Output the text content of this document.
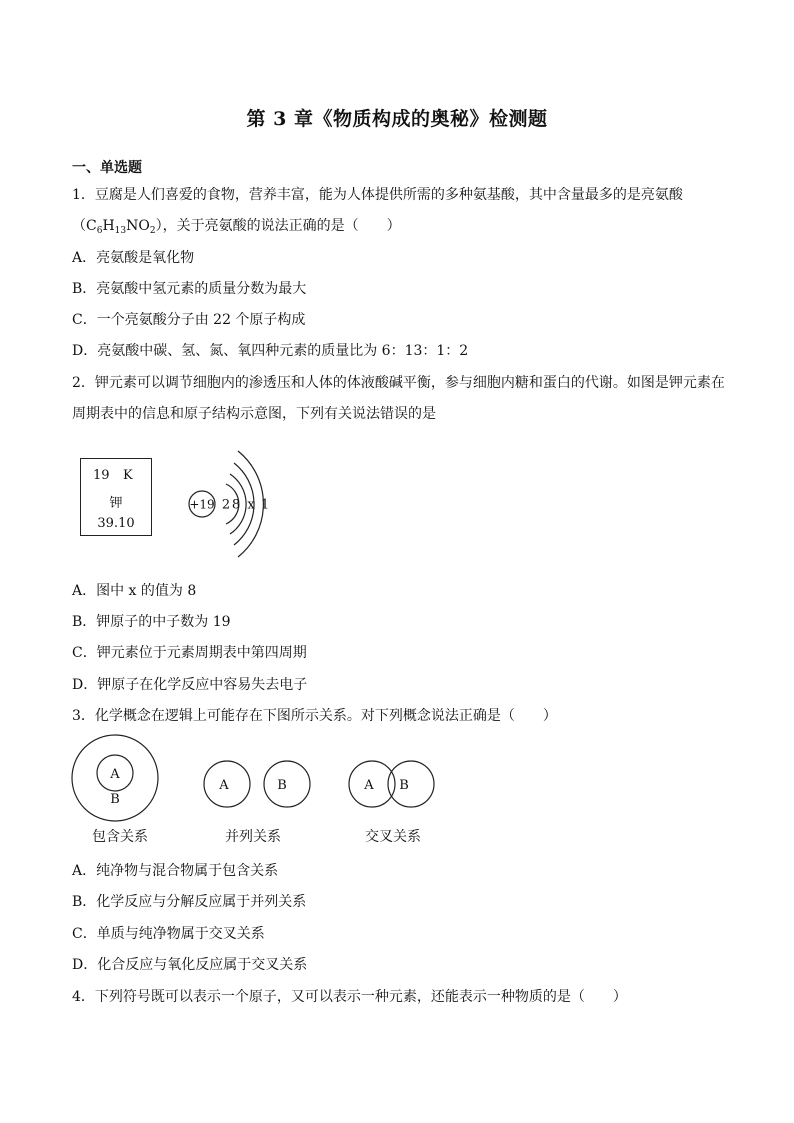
第 3 章《物质构成的奥秘》检测题
一、单选题
1．豆腐是人们喜爱的食物，营养丰富，能为人体提供所需的多种氨基酸，其中含量最多的是亮氨酸
$(C_6H_{13}NO_2)$，关于亮氨酸的说法正确的是（　　）
A．亮氨酸是氧化物
B．亮氨酸中氢元素的质量分数为最大
C．一个亮氨酸分子由 22 个原子构成
D．亮氨酸中碳、氢、氮、氧四种元素的质量比为 6：13：1：2
2．钾元素可以调节细胞内的渗透压和人体的体液酸碱平衡，参与细胞内糖和蛋白的代谢。如图是钾元素在
周期表中的信息和原子结构示意图，下列有关说法错误的是
19 K
钾
39.10
+19 2 8 x 1
A．图中 x 的值为 8
B．钾原子的中子数为 19
C．钾元素位于元素周期表中第四周期
D．钾原子在化学反应中容易失去电子
3．化学概念在逻辑上可能存在下图所示关系。对下列概念说法正确是（　　）
A
B
A	B	A B
包含关系	并列关系	交叉关系
A．纯净物与混合物属于包含关系
B．化学反应与分解反应属于并列关系
C．单质与纯净物属于交叉关系
D．化合反应与氧化反应属于交叉关系
4．下列符号既可以表示一个原子，又可以表示一种元素，还能表示一种物质的是（　　）
